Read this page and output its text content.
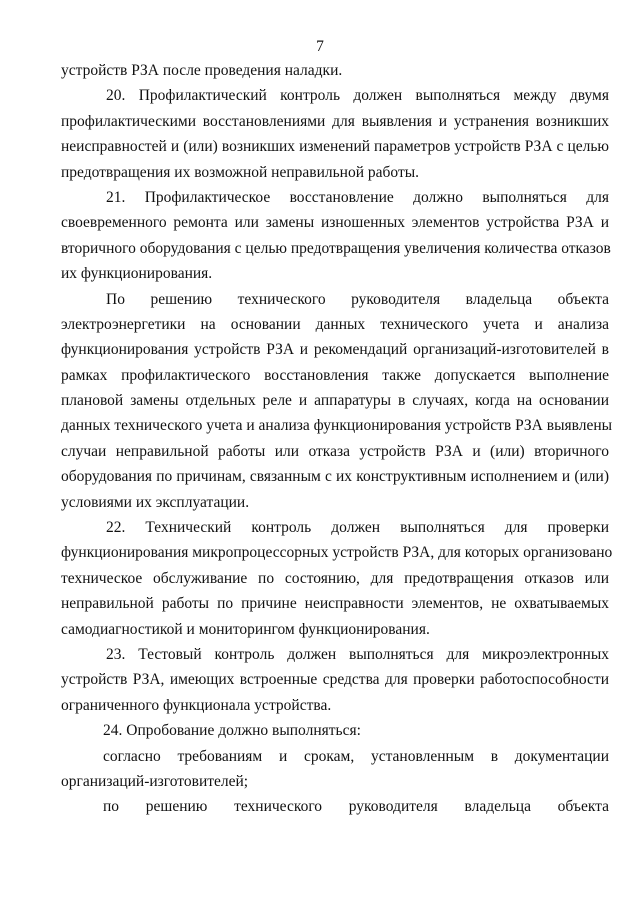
7
устройств РЗА после проведения наладки.
20. Профилактический контроль должен выполняться между двумя
профилактическими восстановлениями для выявления и устранения возникших
неисправностей и (или) возникших изменений параметров устройств РЗА с целью
предотвращения их возможной неправильной работы.
21. Профилактическое восстановление должно выполняться для
своевременного ремонта или замены изношенных элементов устройства РЗА и
вторичного оборудования с целью предотвращения увеличения количества отказов
их функционирования.
По решению технического руководителя владельца объекта
электроэнергетики на основании данных технического учета и анализа
функционирования устройств РЗА и рекомендаций организаций-изготовителей в
рамках профилактического восстановления также допускается выполнение
плановой замены отдельных реле и аппаратуры в случаях, когда на основании
данных технического учета и анализа функционирования устройств РЗА выявлены
случаи неправильной работы или отказа устройств РЗА и (или) вторичного
оборудования по причинам, связанным с их конструктивным исполнением и (или)
условиями их эксплуатации.
22. Технический контроль должен выполняться для проверки
функционирования микропроцессорных устройств РЗА, для которых организовано
техническое обслуживание по состоянию, для предотвращения отказов или
неправильной работы по причине неисправности элементов, не охватываемых
самодиагностикой и мониторингом функционирования.
23. Тестовый контроль должен выполняться для микроэлектронных
устройств РЗА, имеющих встроенные средства для проверки работоспособности
ограниченного функционала устройства.
24. Опробование должно выполняться:
согласно требованиям и срокам, установленным в документации
организаций-изготовителей;
по решению технического руководителя владельца объекта
